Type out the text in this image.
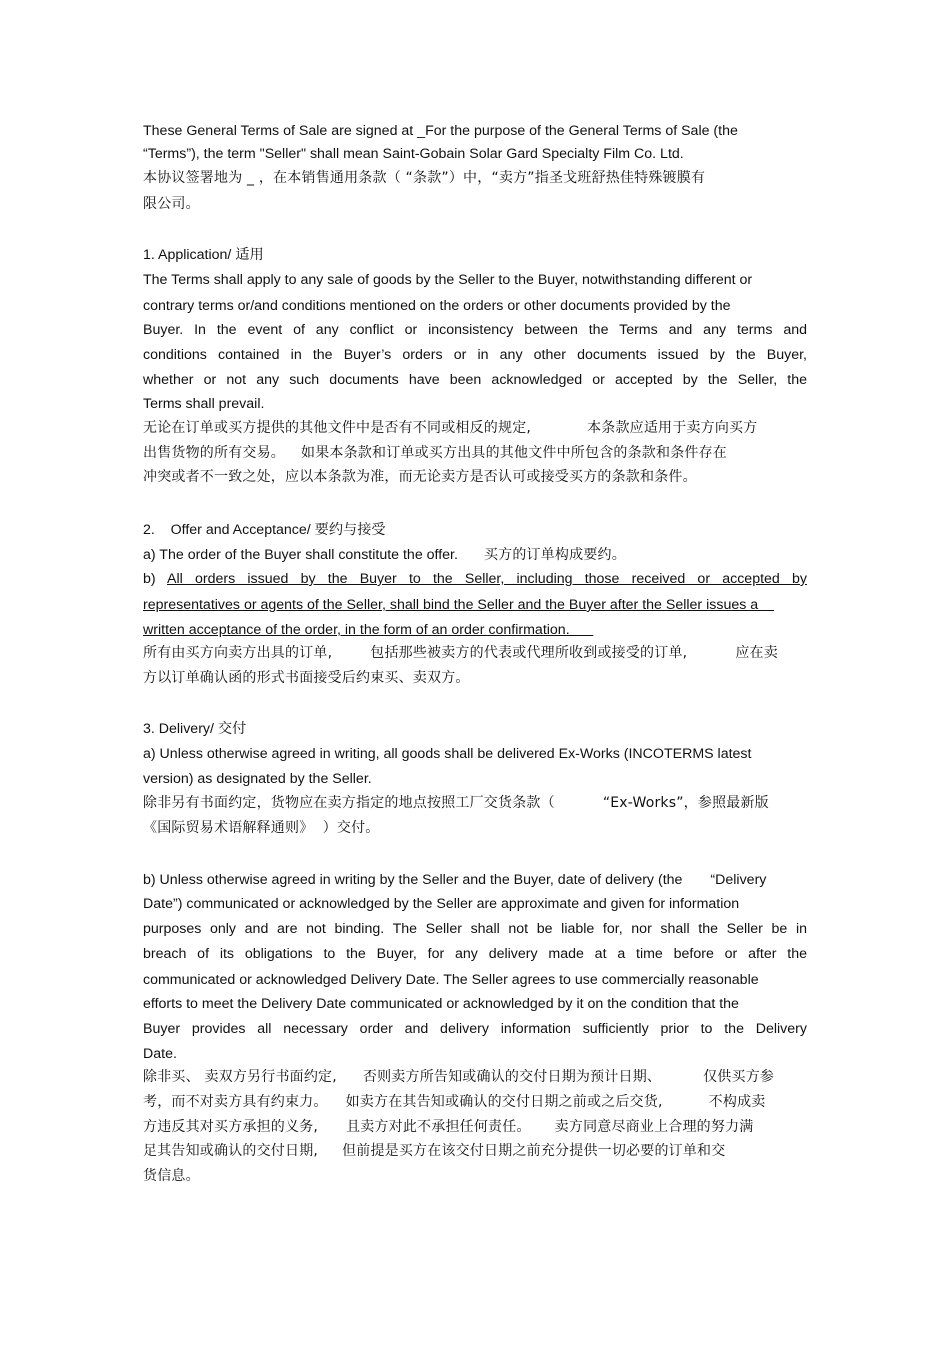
These General Terms of Sale are signed at _For the purpose of the General Terms of Sale (the
“Terms”), the term "Seller" shall mean Saint-Gobain Solar Gard Specialty Film Co. Ltd.
本协议签署地为 _ ，在本销售通用条款（ “条款”）中，“卖方”指圣戈班舒热佳特殊镀膜有
限公司。
1. Application/ 适用
The Terms shall apply to any sale of goods by the Seller to the Buyer, notwithstanding different or
contrary terms or/and conditions mentioned on the orders or other documents provided by the
Buyer. In the event of any conflict or inconsistency between the Terms and any terms and
conditions contained in the Buyer’s orders or in any other documents issued by the Buyer,
whether or not any such documents have been acknowledged or accepted by the Seller, the
Terms shall prevail.
无论在订单或买方提供的其他文件中是否有不同或相反的规定,	本条款应适用于卖方向买方
出售货物的所有交易。 如果本条款和订单或买方出具的其他文件中所包含的条款和条件存在
冲突或者不一致之处，应以本条款为准，而无论卖方是否认可或接受买方的条款和条件。
2.    Offer and Acceptance/ 要约与接受
a) The order of the Buyer shall constitute the offer. 买方的订单构成要约。
b) All orders issued by the Buyer to the Seller, including those received or accepted by
representatives or agents of the Seller, shall bind the Seller and the Buyer after the Seller issues a
written acceptance of the order, in the form of an order confirmation.
所有由买方向卖方出具的订单,	包括那些被卖方的代表或代理所收到或接受的订单,	应在卖
方以订单确认函的形式书面接受后约束买、卖双方。
3. Delivery/ 交付
a) Unless otherwise agreed in writing, all goods shall be delivered Ex-Works (INCOTERMS latest
version) as designated by the Seller.
除非另有书面约定，货物应在卖方指定的地点按照工厂交货条款（	“Ex-Works”，参照最新版
《国际贸易术语解释通则》  ）交付。
b) Unless otherwise agreed in writing by the Seller and the Buyer, date of delivery (the “Delivery
Date”) communicated or acknowledged by the Seller are approximate and given for information
purposes only and are not binding. The Seller shall not be liable for, nor shall the Seller be in
breach of its obligations to the Buyer, for any delivery made at a time before or after the
communicated or acknowledged Delivery Date. The Seller agrees to use commercially reasonable
efforts to meet the Delivery Date communicated or acknowledged by it on the condition that the
Buyer provides all necessary order and delivery information sufficiently prior to the Delivery
Date.
除非买、 卖双方另行书面约定, 否则卖方所告知或确认的交付日期为预计日期、	仅供买方参
考，而不对卖方具有约束力。 如卖方在其告知或确认的交付日期之前或之后交货,	不构成卖
方违反其对买方承担的义务, 且卖方对此不承担任何责任。 卖方同意尽商业上合理的努力满
足其告知或确认的交付日期, 但前提是买方在该交付日期之前充分提供一切必要的订单和交
货信息。
